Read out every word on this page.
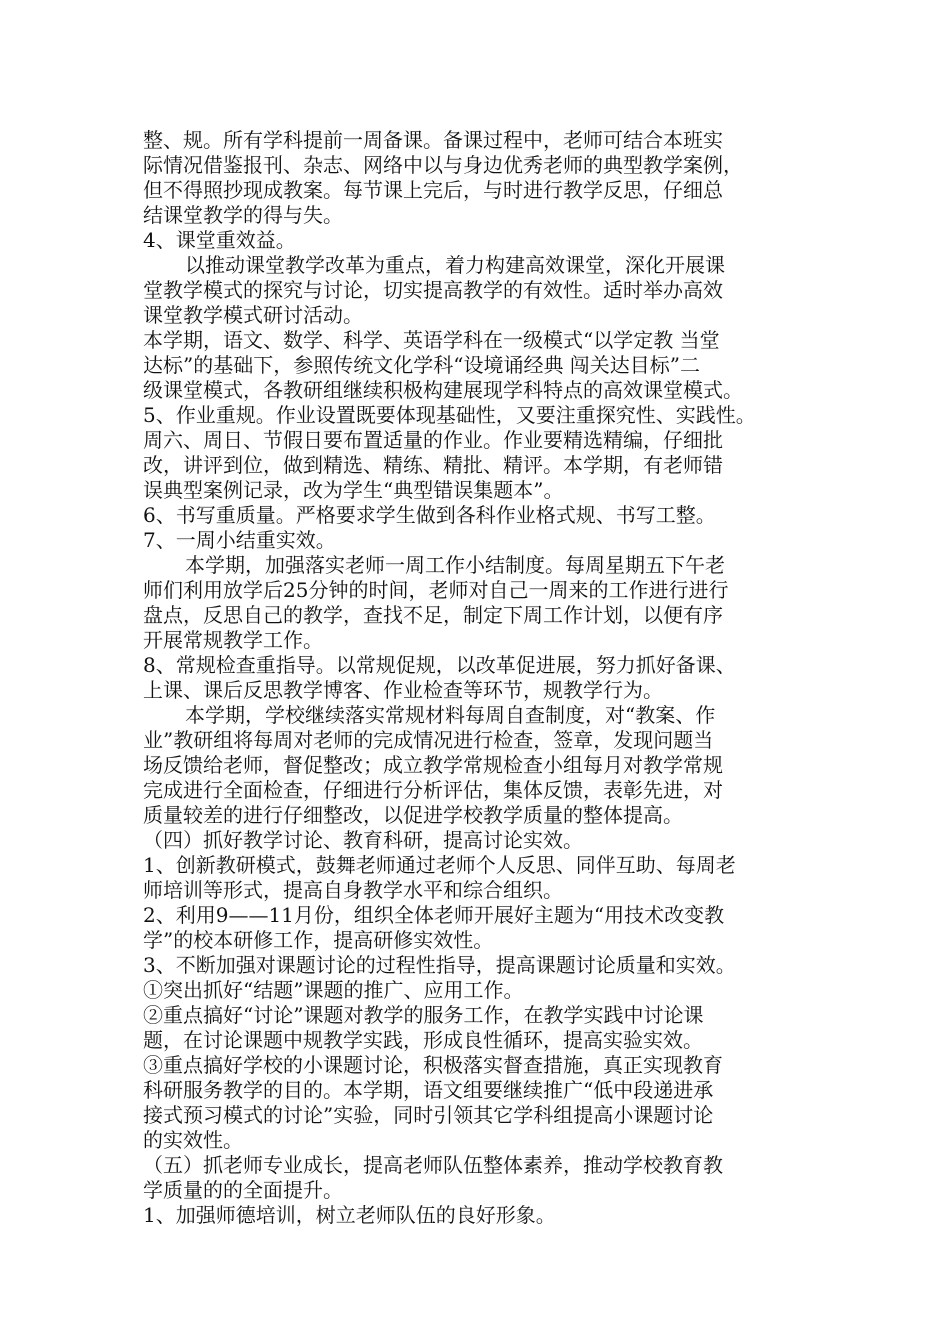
整、规。所有学科提前一周备课。备课过程中，老师可结合本班实
际情况借鉴报刊、杂志、网络中以与身边优秀老师的典型教学案例，
但不得照抄现成教案。每节课上完后，与时进行教学反思，仔细总
结课堂教学的得与失。
4、课堂重效益。
以推动课堂教学改革为重点，着力构建高效课堂，深化开展课
堂教学模式的探究与讨论，切实提高教学的有效性。适时举办高效
课堂教学模式研讨活动。
本学期，语文、数学、科学、英语学科在一级模式“以学定教 当堂
达标”的基础下，参照传统文化学科“设境诵经典 闯关达目标”二
级课堂模式，各教研组继续积极构建展现学科特点的高效课堂模式。
5、作业重规。作业设置既要体现基础性，又要注重探究性、实践性。
周六、周日、节假日要布置适量的作业。作业要精选精编，仔细批
改，讲评到位，做到精选、精练、精批、精评。本学期，有老师错
误典型案例记录，改为学生“典型错误集题本”。
6、书写重质量。严格要求学生做到各科作业格式规、书写工整。
7、一周小结重实效。
本学期，加强落实老师一周工作小结制度。每周星期五下午老
师们利用放学后25分钟的时间，老师对自己一周来的工作进行进行
盘点，反思自己的教学，查找不足，制定下周工作计划，以便有序
开展常规教学工作。
8、常规检查重指导。以常规促规，以改革促进展，努力抓好备课、
上课、课后反思教学博客、作业检查等环节，规教学行为。
本学期，学校继续落实常规材料每周自查制度，对“教案、作
业”教研组将每周对老师的完成情况进行检查，签章，发现问题当
场反馈给老师，督促整改；成立教学常规检查小组每月对教学常规
完成进行全面检查，仔细进行分析评估，集体反馈，表彰先进，对
质量较差的进行仔细整改，以促进学校教学质量的整体提高。
（四）抓好教学讨论、教育科研，提高讨论实效。
1、创新教研模式，鼓舞老师通过老师个人反思、同伴互助、每周老
师培训等形式，提高自身教学水平和综合组织。
2、利用9——11月份，组织全体老师开展好主题为“用技术改变教
学”的校本研修工作，提高研修实效性。
3、不断加强对课题讨论的过程性指导，提高课题讨论质量和实效。
①突出抓好“结题”课题的推广、应用工作。
②重点搞好“讨论”课题对教学的服务工作，在教学实践中讨论课
题，在讨论课题中规教学实践，形成良性循环，提高实验实效。
③重点搞好学校的小课题讨论，积极落实督查措施，真正实现教育
科研服务教学的目的。本学期，语文组要继续推广“低中段递进承
接式预习模式的讨论”实验，同时引领其它学科组提高小课题讨论
的实效性。
（五）抓老师专业成长，提高老师队伍整体素养，推动学校教育教
学质量的的全面提升。
1、加强师德培训，树立老师队伍的良好形象。
